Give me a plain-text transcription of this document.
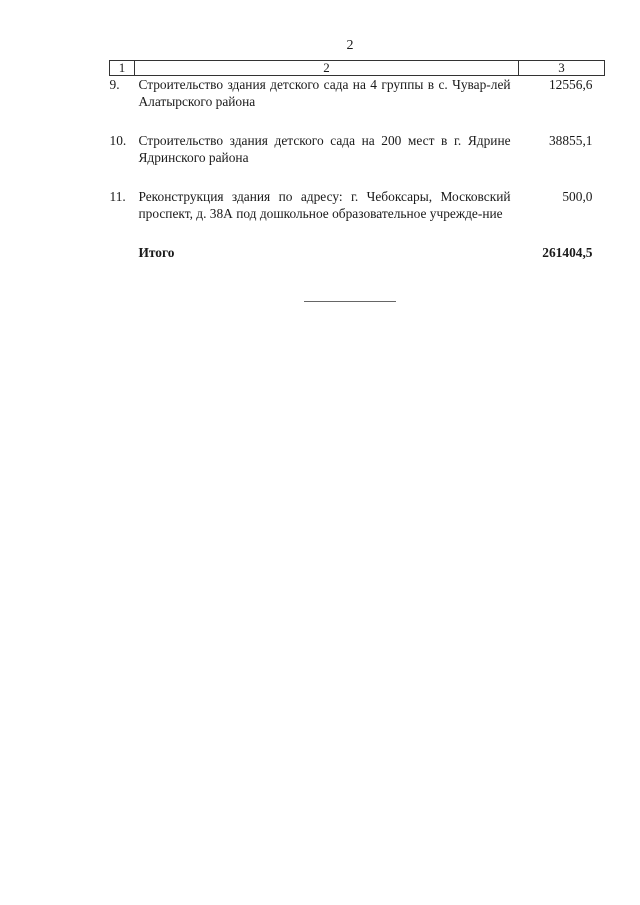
2
1	2	3
9.	Строительство здания детского сада на 4 группы в с. Чувар-лей Алатырского района	12556,6
10.	Строительство здания детского сада на 200 мест в г. Ядрине Ядринского района	38855,1
11.	Реконструкция здания по адресу: г. Чебоксары, Московский проспект, д. 38А под дошкольное образовательное учрежде-ние	500,0
	Итого	261404,5
